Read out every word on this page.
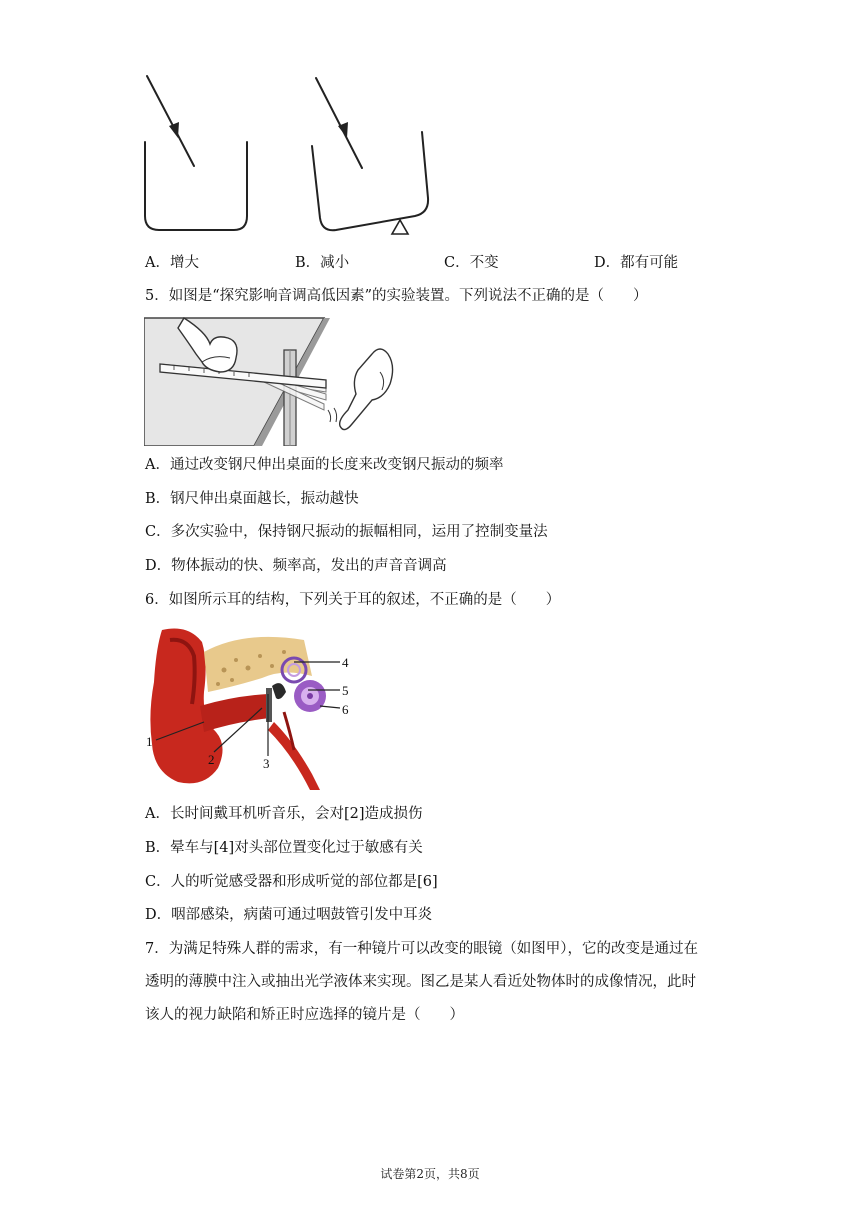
A．增大	B．减小	C．不变	D．都有可能
5．如图是“探究影响音调高低因素”的实验装置。下列说法不正确的是（　　）
A．通过改变钢尺伸出桌面的长度来改变钢尺振动的频率
B．钢尺伸出桌面越长，振动越快
C．多次实验中，保持钢尺振动的振幅相同，运用了控制变量法
D．物体振动的快、频率高，发出的声音音调高
6．如图所示耳的结构，下列关于耳的叙述，不正确的是（　　）
1
2	3
4
5
6
A．长时间戴耳机听音乐，会对[2]造成损伤
B．晕车与[4]对头部位置变化过于敏感有关
C．人的听觉感受器和形成听觉的部位都是[6]
D．咽部感染，病菌可通过咽鼓管引发中耳炎
7．为满足特殊人群的需求，有一种镜片可以改变的眼镜（如图甲），它的改变是通过在
透明的薄膜中注入或抽出光学液体来实现。图乙是某人看近处物体时的成像情况，此时
该人的视力缺陷和矫正时应选择的镜片是（　　）
试卷第2页，共8页
